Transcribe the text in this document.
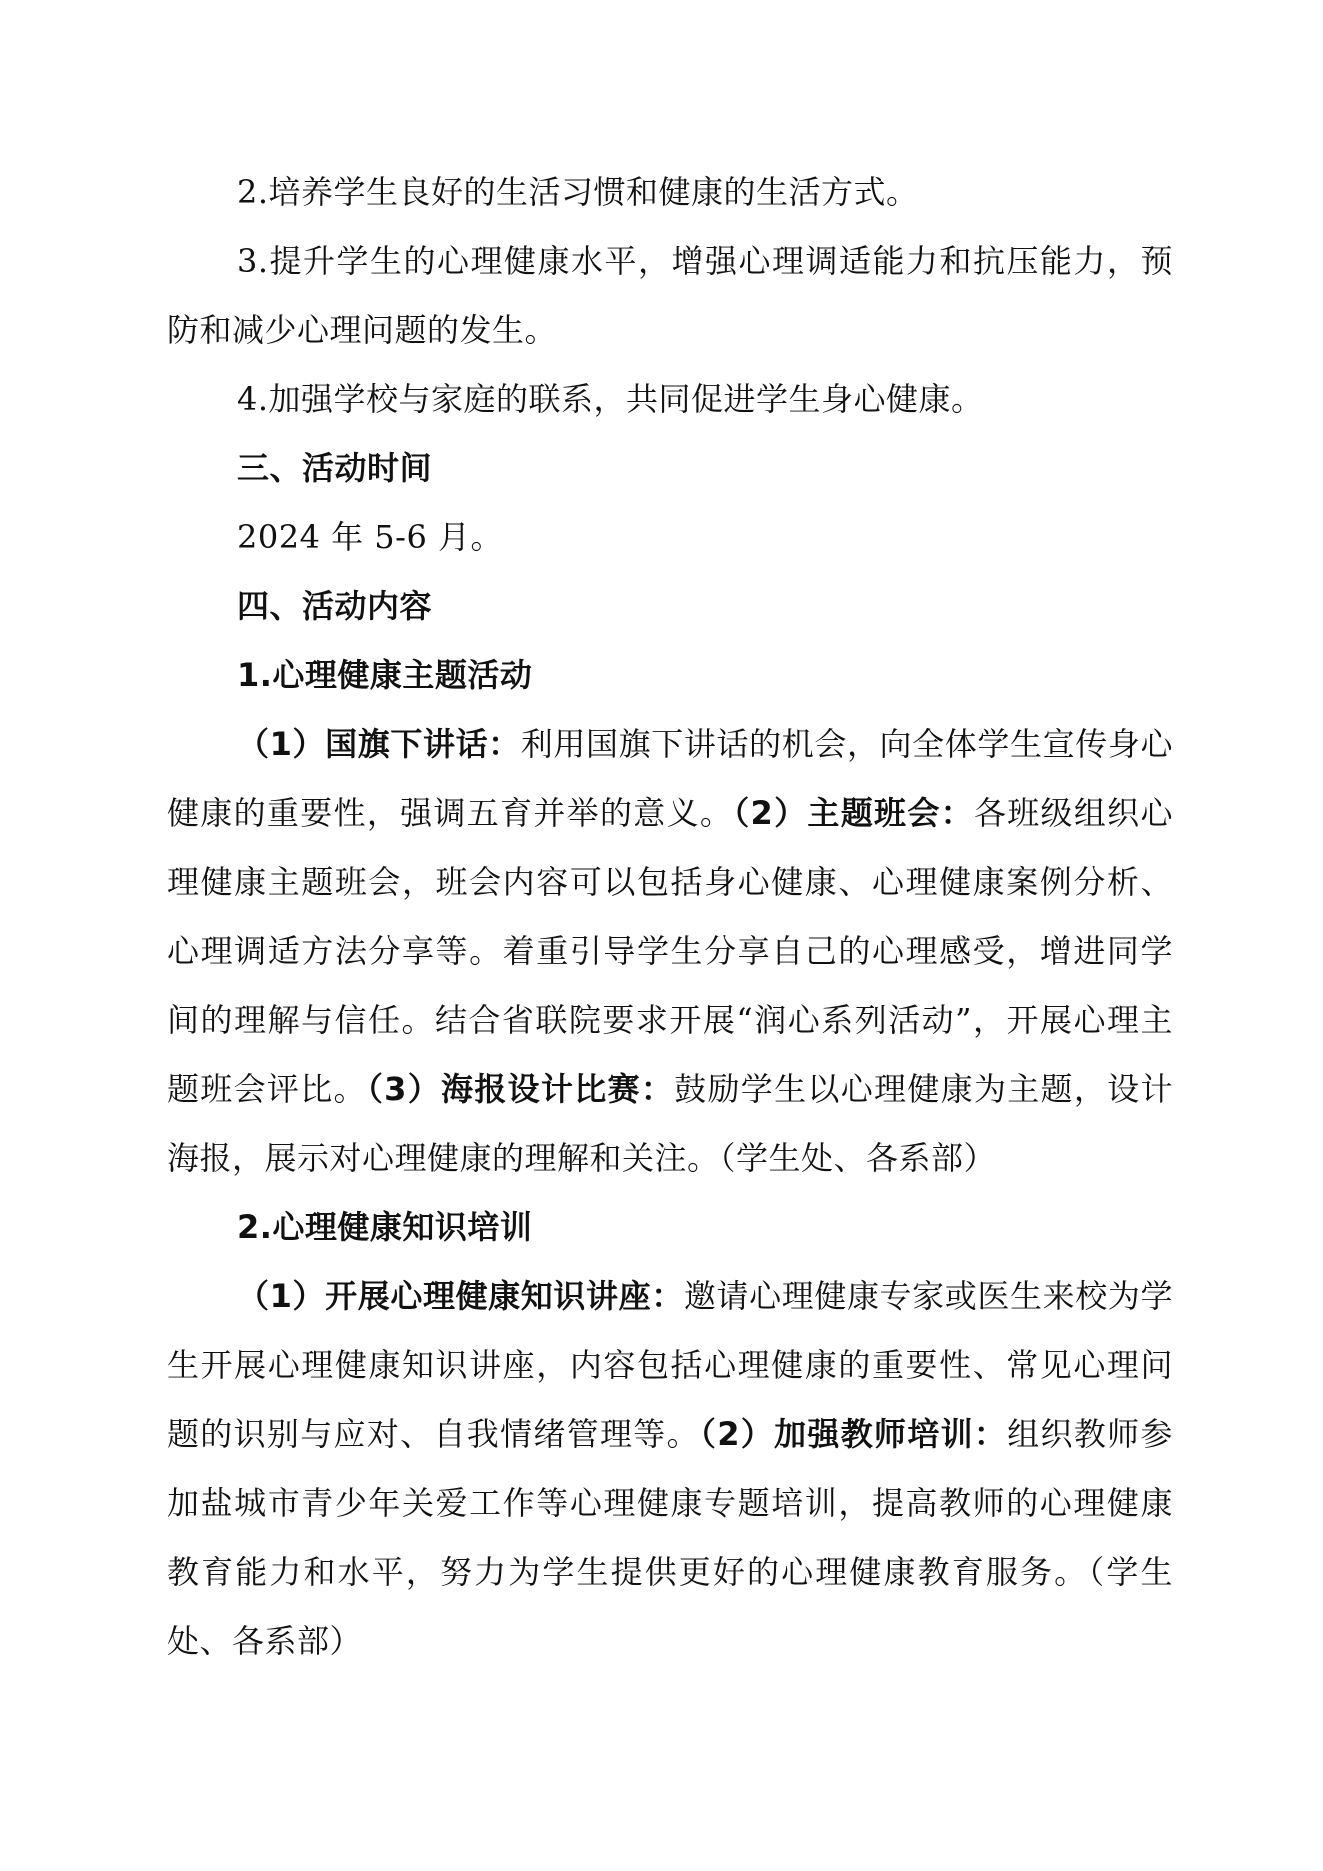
2.培养学生良好的生活习惯和健康的生活方式。

3.提升学生的心理健康水平，增强心理调适能力和抗压能力，预防和减少心理问题的发生。

4.加强学校与家庭的联系，共同促进学生身心健康。

三、活动时间

2024 年 5-6 月。

四、活动内容

1.心理健康主题活动

（1）国旗下讲话：利用国旗下讲话的机会，向全体学生宣传身心健康的重要性，强调五育并举的意义。（2）主题班会：各班级组织心理健康主题班会，班会内容可以包括身心健康、心理健康案例分析、心理调适方法分享等。着重引导学生分享自己的心理感受，增进同学间的理解与信任。结合省联院要求开展“润心系列活动”，开展心理主题班会评比。（3）海报设计比赛：鼓励学生以心理健康为主题，设计海报，展示对心理健康的理解和关注。（学生处、各系部）

2.心理健康知识培训

（1）开展心理健康知识讲座：邀请心理健康专家或医生来校为学生开展心理健康知识讲座，内容包括心理健康的重要性、常见心理问题的识别与应对、自我情绪管理等。（2）加强教师培训：组织教师参加盐城市青少年关爱工作等心理健康专题培训，提高教师的心理健康教育能力和水平，努力为学生提供更好的心理健康教育服务。（学生处、各系部）
